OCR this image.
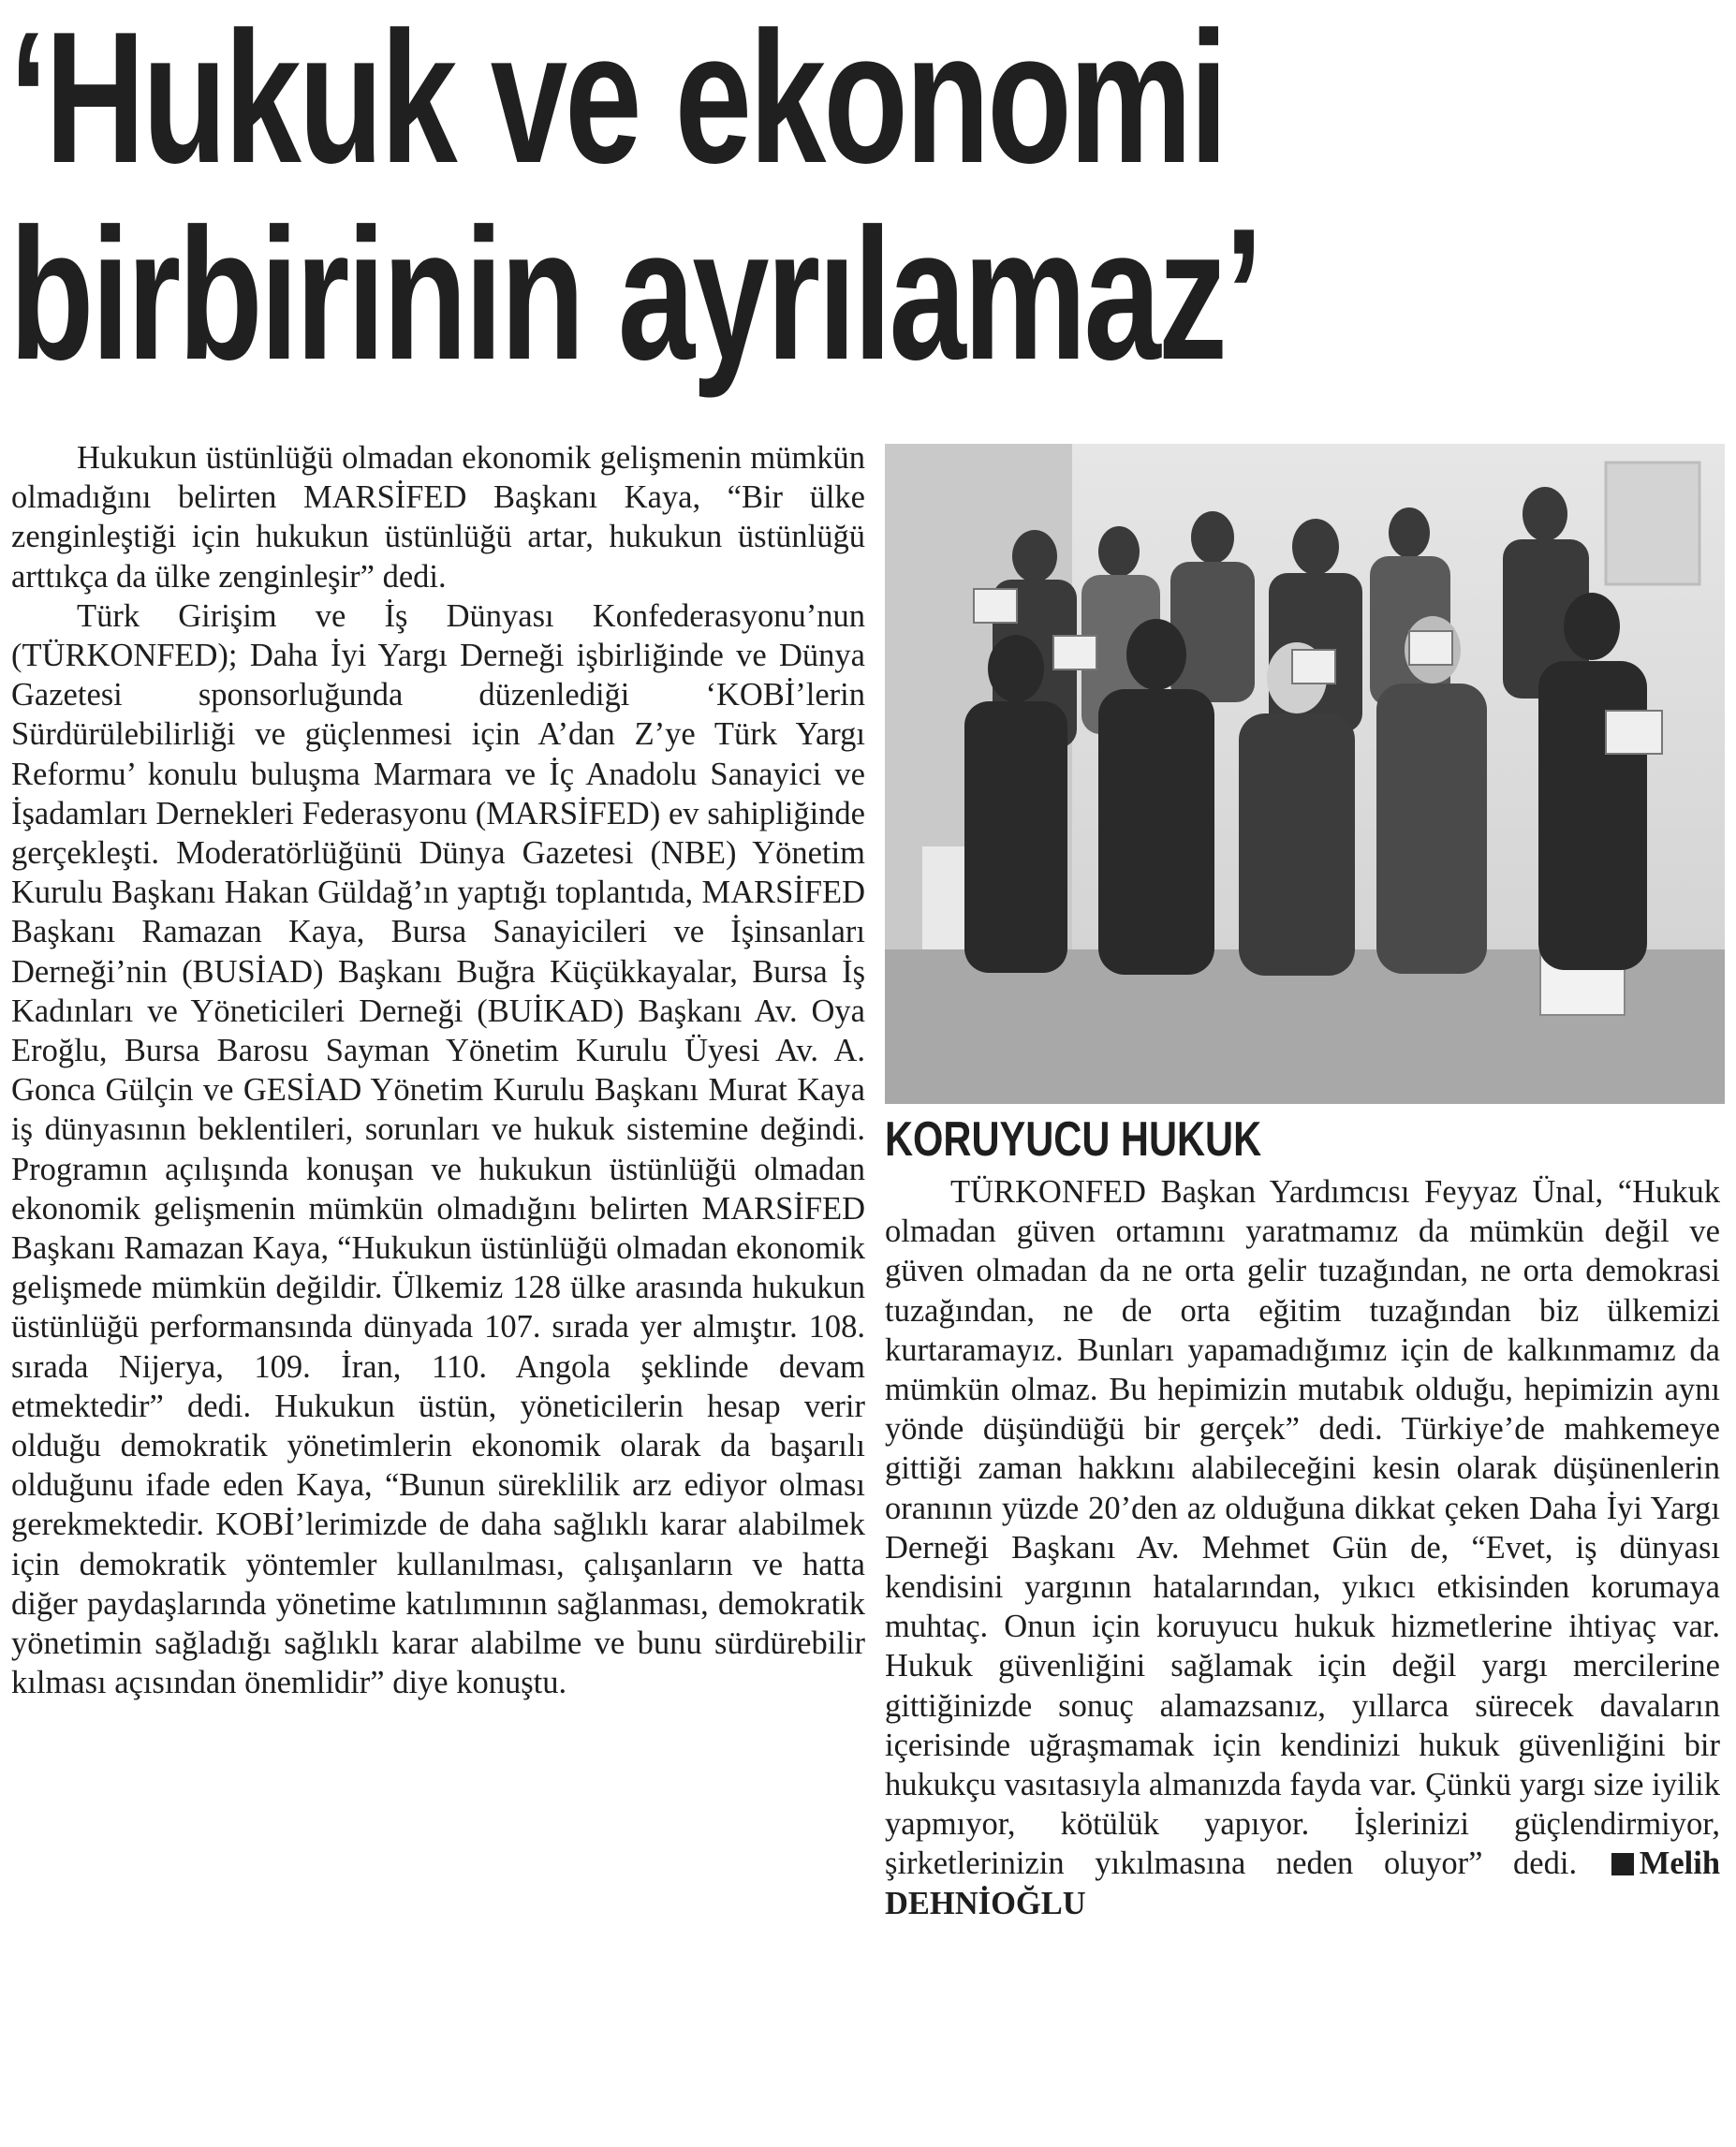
‘Hukuk ve ekonomi
birbirinin ayrılamaz’

Hukukun üstünlüğü olmadan ekonomik gelişmenin mümkün olmadığını belirten MARSİFED Başkanı Kaya, “Bir ülke zenginleştiği için hukukun üstünlüğü artar, hukukun üstünlüğü arttıkça da ülke zenginleşir” dedi.

Türk Girişim ve İş Dünyası Konfederasyonu’nun (TÜRKONFED); Daha İyi Yargı Derneği işbirliğinde ve Dünya Gazetesi sponsorluğunda düzenlediği ‘KOBİ’lerin Sürdürülebilirliği ve güçlenmesi için A’dan Z’ye Türk Yargı Reformu’ konulu buluşma Marmara ve İç Anadolu Sanayici ve İşadamları Dernekleri Federasyonu (MARSİFED) ev sahipliğinde gerçekleşti. Moderatörlüğünü Dünya Gazetesi (NBE) Yönetim Kurulu Başkanı Hakan Güldağ’ın yaptığı toplantıda, MARSİFED Başkanı Ramazan Kaya, Bursa Sanayicileri ve İşinsanları Derneği’nin (BUSİAD) Başkanı Buğra Küçükkayalar, Bursa İş Kadınları ve Yöneticileri Derneği (BUİKAD) Başkanı Av. Oya Eroğlu, Bursa Barosu Sayman Yönetim Kurulu Üyesi Av. A. Gonca Gülçin ve GESİAD Yönetim Kurulu Başkanı Murat Kaya iş dünyasının beklentileri, sorunları ve hukuk sistemine değindi. Programın açılışında konuşan ve hukukun üstünlüğü olmadan ekonomik gelişmenin mümkün olmadığını belirten MARSİFED Başkanı Ramazan Kaya, “Hukukun üstünlüğü olmadan ekonomik gelişmede mümkün değildir. Ülkemiz 128 ülke arasında hukukun üstünlüğü performansında dünyada 107. sırada yer almıştır. 108. sırada Nijerya, 109. İran, 110. Angola şeklinde devam etmektedir” dedi. Hukukun üstün, yöneticilerin hesap verir olduğu demokratik yönetimlerin ekonomik olarak da başarılı olduğunu ifade eden Kaya, “Bunun süreklilik arz ediyor olması gerekmektedir. KOBİ’lerimizde de daha sağlıklı karar alabilmek için demokratik yöntemler kullanılması, çalışanların ve hatta diğer paydaşlarında yönetime katılımının sağlanması, demokratik yönetimin sağladığı sağlıklı karar alabilme ve bunu sürdürebilir kılması açısından önemlidir” diye konuştu.

KORUYUCU HUKUK

TÜRKONFED Başkan Yardımcısı Feyyaz Ünal, “Hukuk olmadan güven ortamını yaratmamız da mümkün değil ve güven olmadan da ne orta gelir tuzağından, ne orta demokrasi tuzağından, ne de orta eğitim tuzağından biz ülkemizi kurtaramayız. Bunları yapamadığımız için de kalkınmamız da mümkün olmaz. Bu hepimizin mutabık olduğu, hepimizin aynı yönde düşündüğü bir gerçek” dedi. Türkiye’de mahkemeye gittiği zaman hakkını alabileceğini kesin olarak düşünenlerin oranının yüzde 20’den az olduğuna dikkat çeken Daha İyi Yargı Derneği Başkanı Av. Mehmet Gün de, “Evet, iş dünyası kendisini yargının hatalarından, yıkıcı etkisinden korumaya muhtaç. Onun için koruyucu hukuk hizmetlerine ihtiyaç var. Hukuk güvenliğini sağlamak için değil yargı mercilerine gittiğinizde sonuç alamazsanız, yıllarca sürecek davaların içerisinde uğraşmamak için kendinizi hukuk güvenliğini bir hukukçu vasıtasıyla almanızda fayda var. Çünkü yargı size iyilik yapmıyor, kötülük yapıyor. İşlerinizi güçlendirmiyor, şirketlerinizin yıkılmasına neden oluyor” dedi. Melih DEHNİOĞLU
